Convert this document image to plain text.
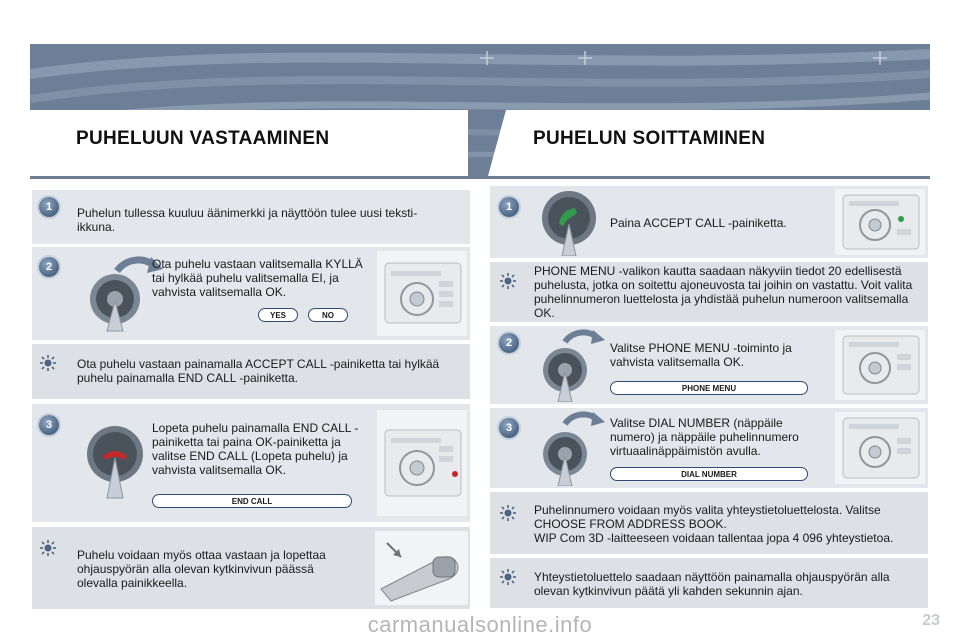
PUHELUUN VASTAAMINEN	PUHELUN SOITTAMINEN
1	Puhelun tullessa kuuluu äänimerkki ja näyttöön tulee uusi teksti-ikkuna.
2	Ota puhelu vastaan valitsemalla KYLLÄ tai hylkää puhelu valitsemalla EI, ja vahvista valitsemalla OK.
YES	NO
Ota puhelu vastaan painamalla ACCEPT CALL -painiketta tai hylkää puhelu painamalla END CALL -painiketta.
3	Lopeta puhelu painamalla END CALL -painiketta tai paina OK-painiketta ja valitse END CALL (Lopeta puhelu) ja vahvista valitsemalla OK.
END CALL
Puhelu voidaan myös ottaa vastaan ja lopettaa ohjauspyörän alla olevan kytkinvivun päässä olevalla painikkeella.
1
Paina ACCEPT CALL -painiketta.
PHONE MENU -valikon kautta saadaan näkyviin tiedot 20 edellisestä puhelusta, jotka on soitettu ajoneuvosta tai joihin on vastattu. Voit valita puhelinnumeron luettelosta ja yhdistää puhelun numeroon valitsemalla OK.
2	Valitse PHONE MENU -toiminto ja vahvista valitsemalla OK.
PHONE MENU
3	Valitse DIAL NUMBER (näppäile numero) ja näppäile puhelinnumero virtuaalinäppäimistön avulla.
DIAL NUMBER
Puhelinnumero voidaan myös valita yhteystietoluettelosta. Valitse CHOOSE FROM ADDRESS BOOK.
WIP Com 3D -laitteeseen voidaan tallentaa jopa 4 096 yhteystietoa.
Yhteystietoluettelo saadaan näyttöön painamalla ohjauspyörän alla olevan kytkinvivun päätä yli kahden sekunnin ajan.
23
carmanualsonline.info
